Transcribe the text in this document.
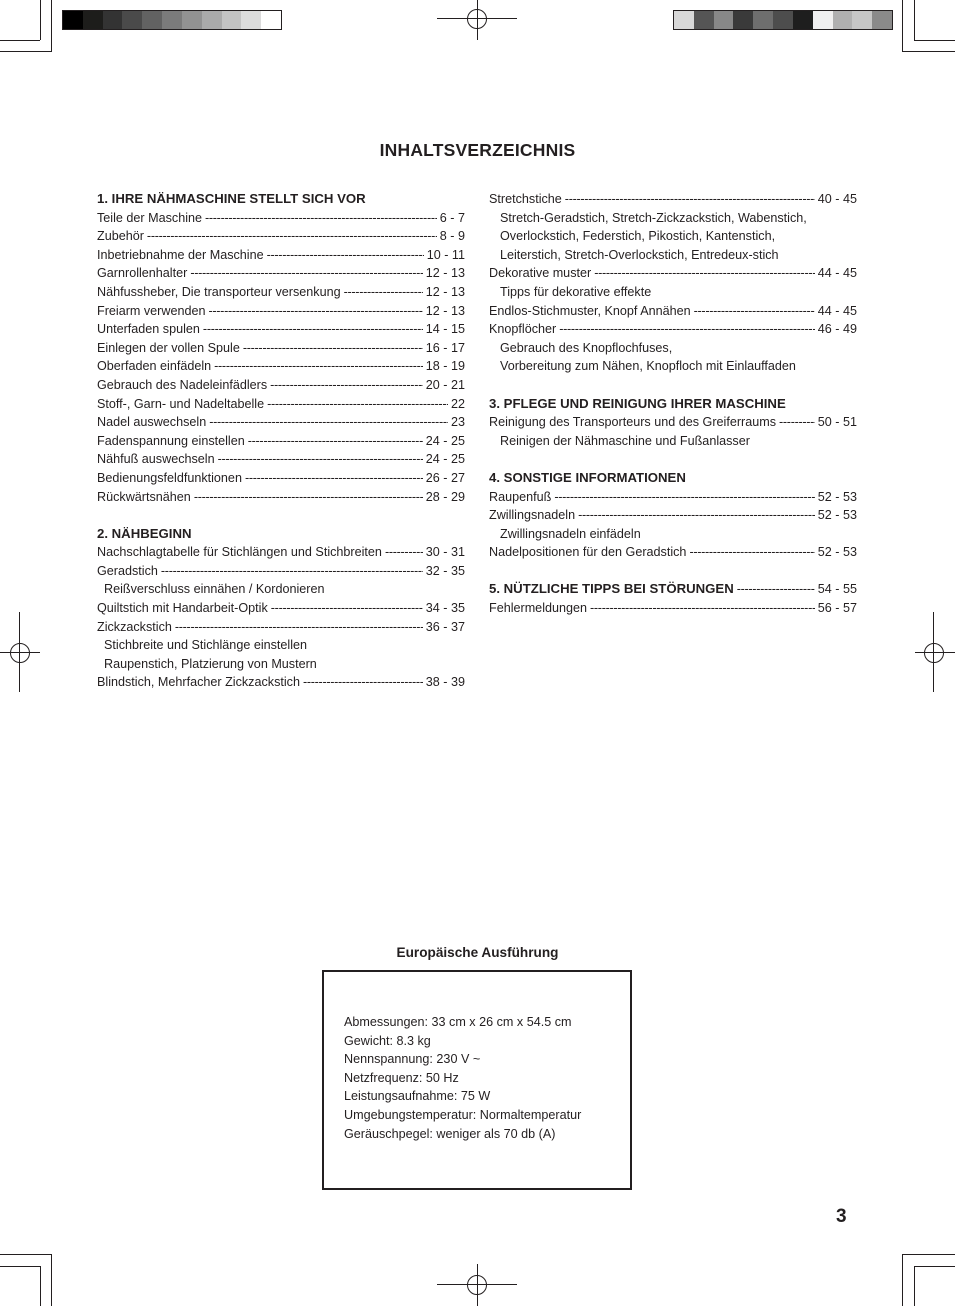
INHALTSVERZEICHNIS
1. IHRE NÄHMASCHINE STELLT SICH VOR
Teile der Maschine -----	6 - 7
Zubehör -----	8 - 9
Inbetriebnahme der Maschine -----	10 - 11
Garnrollenhalter -----	12 - 13
Nähfussheber, Die transporteur versenkung -----	12 - 13
Freiarm verwenden -----	12 - 13
Unterfaden spulen -----	14 - 15
Einlegen der vollen Spule -----	16 - 17
Oberfaden einfädeln -----	18 - 19
Gebrauch des Nadeleinfädlers -----	20 - 21
Stoff-, Garn- und Nadeltabelle -----	22
Nadel auswechseln -----	23
Fadenspannung einstellen -----	24 - 25
Nähfuß auswechseln -----	24 - 25
Bedienungsfeldfunktionen -----	26 - 27
Rückwärtsnähen -----	28 - 29
2. NÄHBEGINN
Nachschlagtabelle für Stichlängen und Stichbreiten -----	30 - 31
Geradstich -----	32 - 35
Reißverschluss einnähen / Kordonieren
Quiltstich mit Handarbeit-Optik -----	34 - 35
Zickzackstich -----	36 - 37
Stichbreite und Stichlänge einstellen
Raupenstich, Platzierung von Mustern
Blindstich, Mehrfacher Zickzackstich -----	38 - 39
Stretchstiche -----	40 - 45
Stretch-Geradstich, Stretch-Zickzackstich, Wabenstich,
Overlockstich, Federstich, Pikostich, Kantenstich,
Leiterstich, Stretch-Overlockstich, Entredeux-stich
Dekorative muster -----	44 - 45
Tipps für dekorative effekte
Endlos-Stichmuster, Knopf Annähen -----	44 - 45
Knopflöcher -----	46 - 49
Gebrauch des Knopflochfuses,
Vorbereitung zum Nähen, Knopfloch mit Einlauffaden
3. PFLEGE UND REINIGUNG IHRER MASCHINE
Reinigung des Transporteurs und des Greiferraums -----	50 - 51
Reinigen der Nähmaschine und Fußanlasser
4. SONSTIGE INFORMATIONEN
Raupenfuß -----	52 - 53
Zwillingsnadeln -----	52 - 53
Zwillingsnadeln einfädeln
Nadelpositionen für den Geradstich -----	52 - 53
5. NÜTZLICHE TIPPS BEI STÖRUNGEN -----	54 - 55
Fehlermeldungen -----	56 - 57
Europäische Ausführung
Abmessungen: 33 cm x 26 cm x 54.5 cm
Gewicht: 8.3 kg
Nennspannung: 230 V ~
Netzfrequenz: 50 Hz
Leistungsaufnahme: 75 W
Umgebungstemperatur: Normaltemperatur
Geräuschpegel: weniger als 70 db (A)
3
